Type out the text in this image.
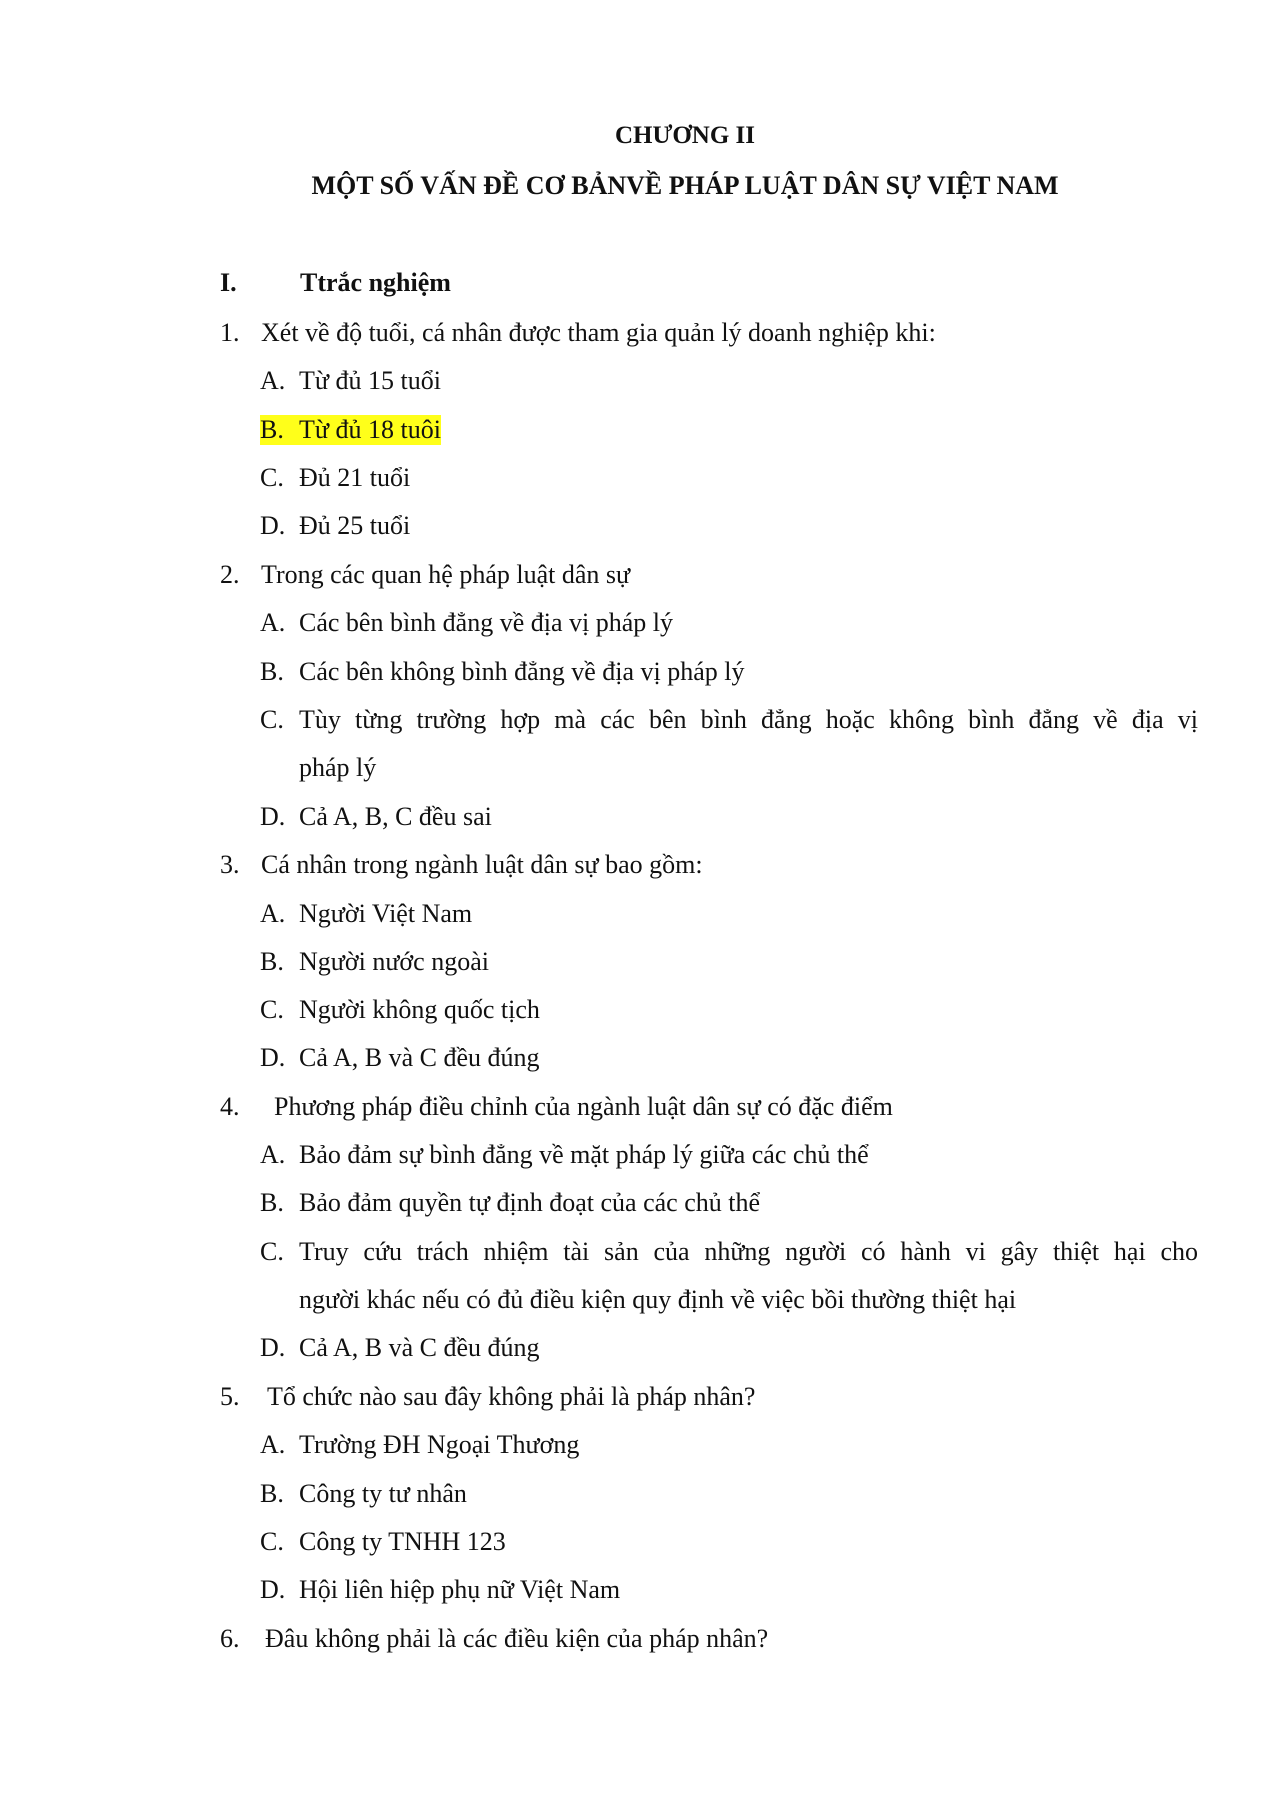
CHƯƠNG II
MỘT SỐ VẤN ĐỀ CƠ BẢNVỀ PHÁP LUẬT DÂN SỰ VIỆT NAM
I. Ttrắc nghiệm
1. Xét về độ tuổi, cá nhân được tham gia quản lý doanh nghiệp khi:
A. Từ đủ 15 tuổi
B. Từ đủ 18 tuôi
C. Đủ 21 tuổi
D. Đủ 25 tuổi
2. Trong các quan hệ pháp luật dân sự
A. Các bên bình đẳng về địa vị pháp lý
B. Các bên không bình đẳng về địa vị pháp lý
C. Tùy từng trường hợp mà các bên bình đẳng hoặc không bình đẳng về địa vị
pháp lý
D. Cả A, B, C đều sai
3. Cá nhân trong ngành luật dân sự bao gồm:
A. Người Việt Nam
B. Người nước ngoài
C. Người không quốc tịch
D. Cả A, B và C đều đúng
4. Phương pháp điều chỉnh của ngành luật dân sự có đặc điểm
A. Bảo đảm sự bình đẳng về mặt pháp lý giữa các chủ thể
B. Bảo đảm quyền tự định đoạt của các chủ thể
C. Truy cứu trách nhiệm tài sản của những người có hành vi gây thiệt hại cho
người khác nếu có đủ điều kiện quy định về việc bồi thường thiệt hại
D. Cả A, B và C đều đúng
5. Tổ chức nào sau đây không phải là pháp nhân?
A. Trường ĐH Ngoại Thương
B. Công ty tư nhân
C. Công ty TNHH 123
D. Hội liên hiệp phụ nữ Việt Nam
6. Đâu không phải là các điều kiện của pháp nhân?
